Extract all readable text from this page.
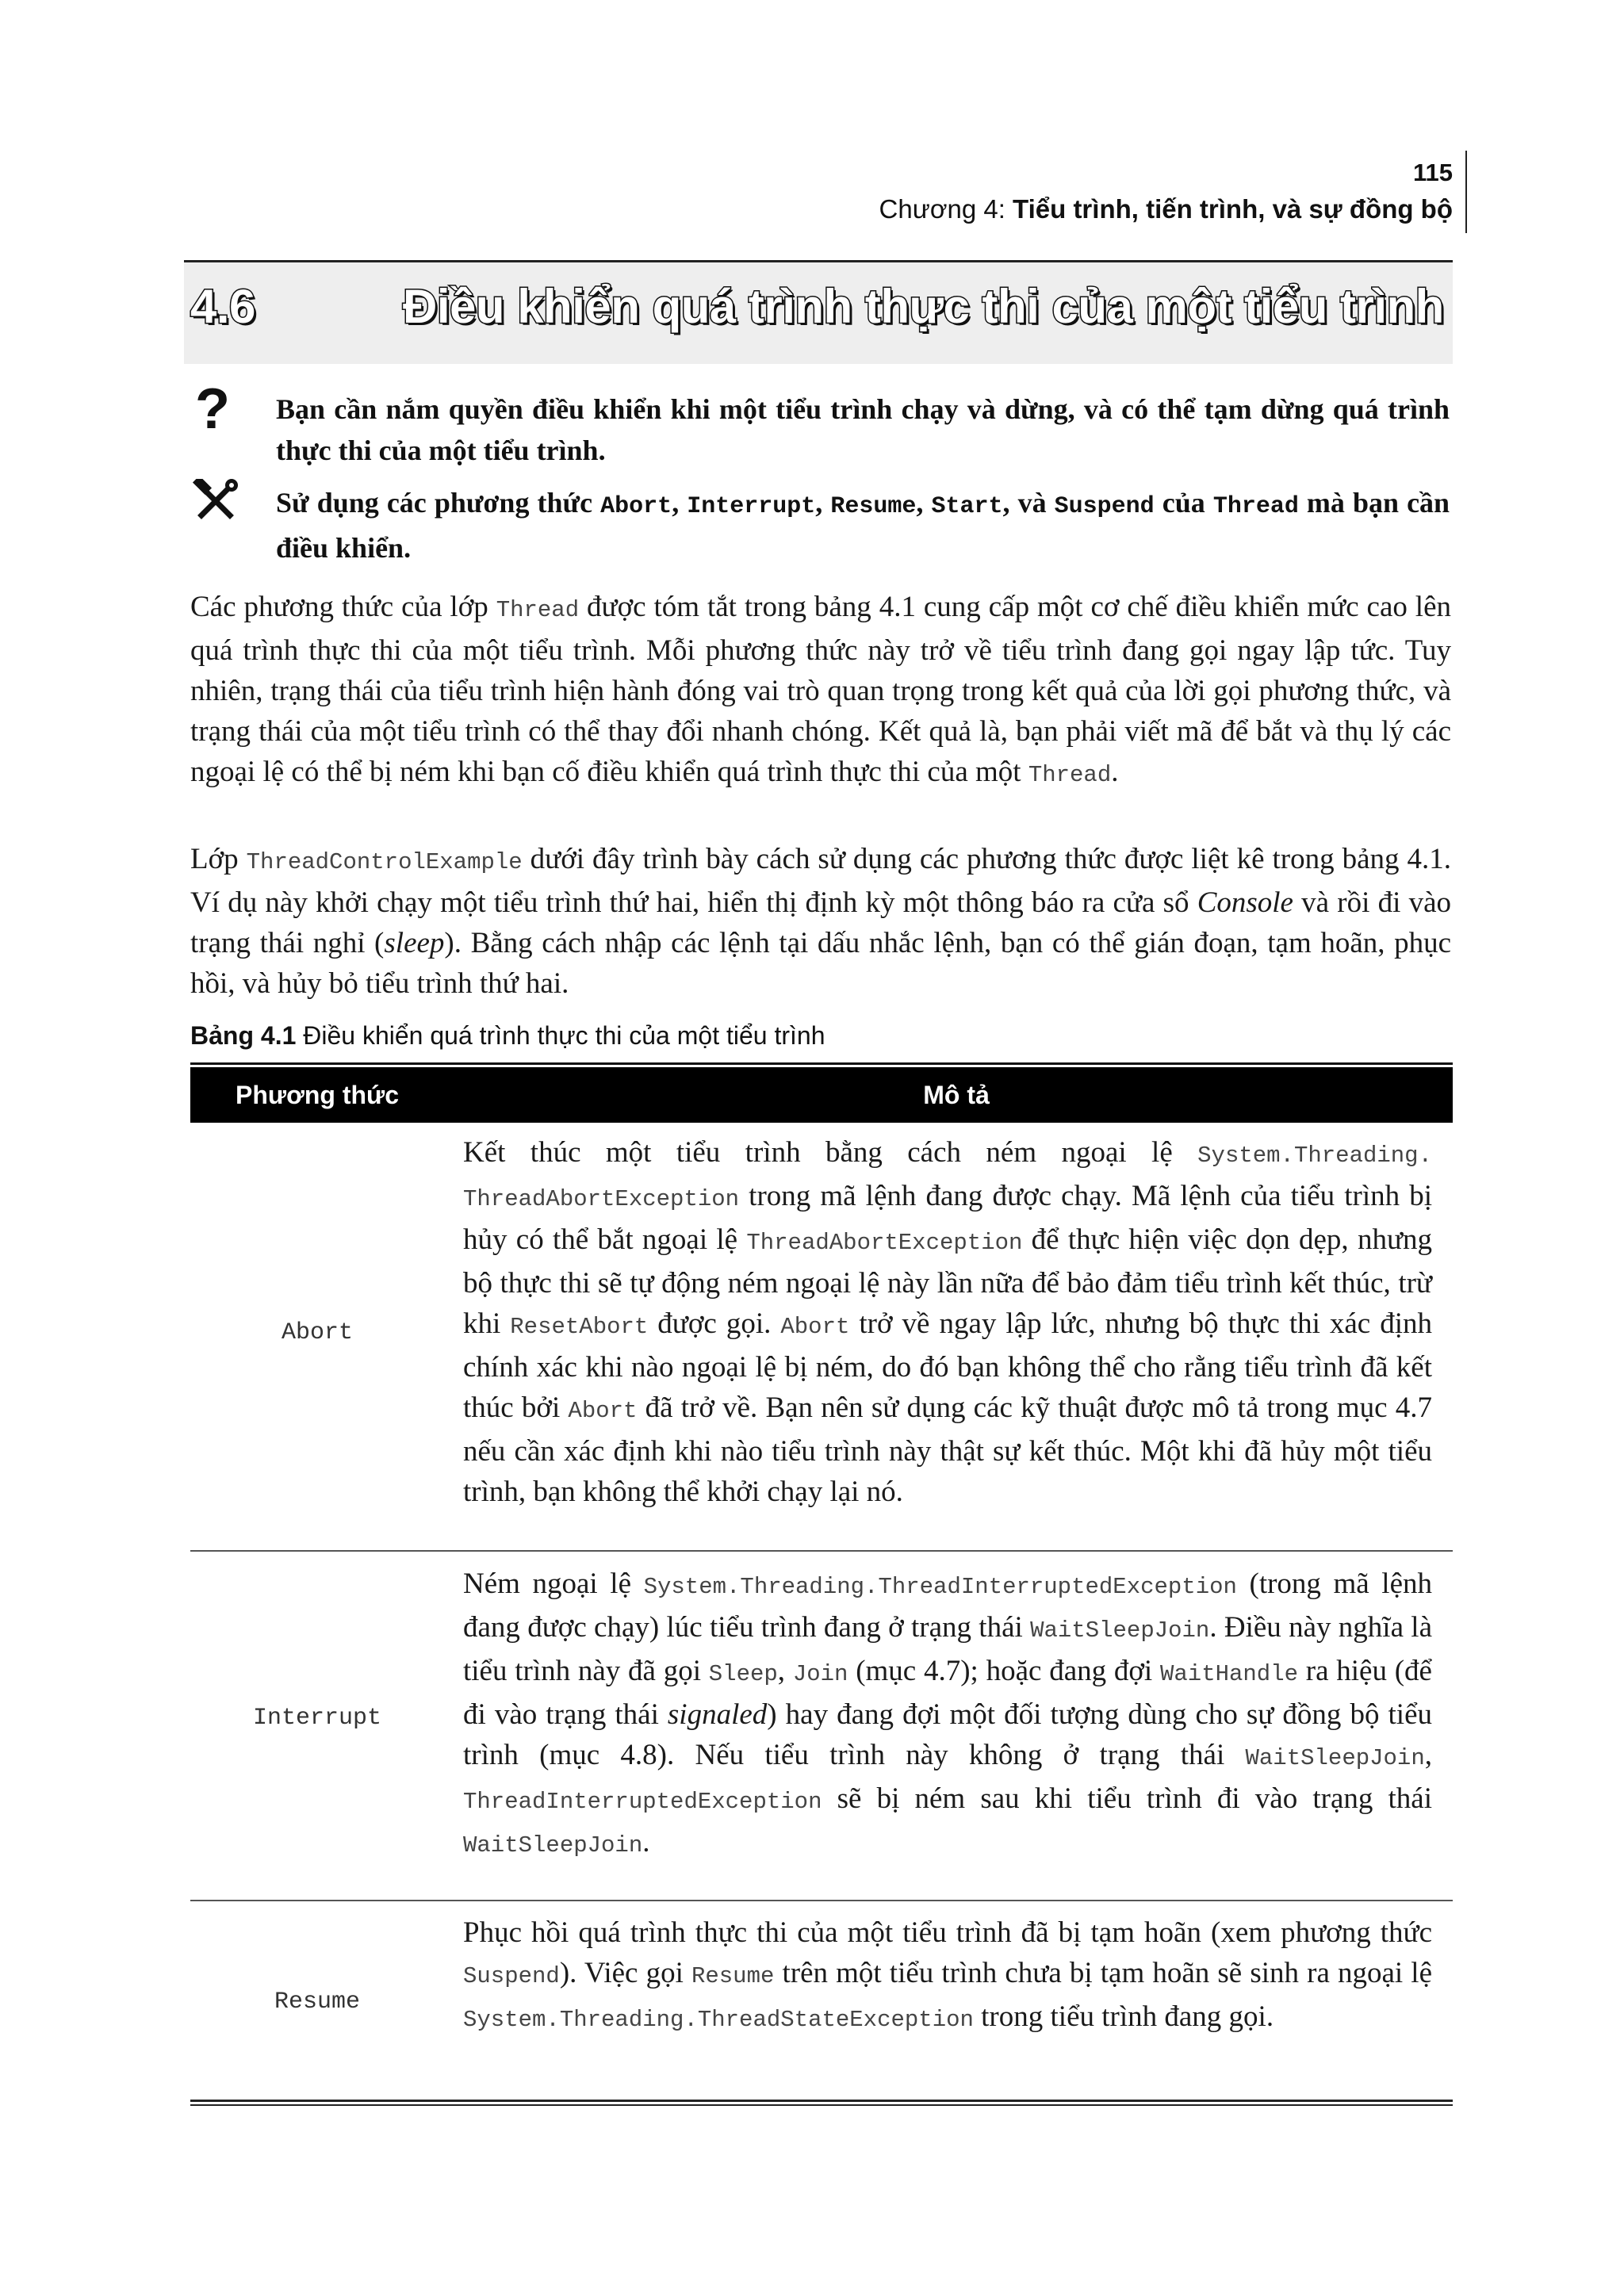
115
Chương 4: Tiểu trình, tiến trình, và sự đồng bộ
4.6	Điều khiển quá trình thực thi của một tiểu trình
? Bạn cần nắm quyền điều khiển khi một tiểu trình chạy và dừng, và có thể tạm dừng quá trình thực thi của một tiểu trình.
Sử dụng các phương thức Abort, Interrupt, Resume, Start, và Suspend của Thread mà bạn cần điều khiển.
Các phương thức của lớp Thread được tóm tắt trong bảng 4.1 cung cấp một cơ chế điều khiển mức cao lên quá trình thực thi của một tiểu trình. Mỗi phương thức này trở về tiểu trình đang gọi ngay lập tức. Tuy nhiên, trạng thái của tiểu trình hiện hành đóng vai trò quan trọng trong kết quả của lời gọi phương thức, và trạng thái của một tiểu trình có thể thay đổi nhanh chóng. Kết quả là, bạn phải viết mã để bắt và thụ lý các ngoại lệ có thể bị ném khi bạn cố điều khiển quá trình thực thi của một Thread.
Lớp ThreadControlExample dưới đây trình bày cách sử dụng các phương thức được liệt kê trong bảng 4.1. Ví dụ này khởi chạy một tiểu trình thứ hai, hiển thị định kỳ một thông báo ra cửa sổ Console và rồi đi vào trạng thái nghỉ (sleep). Bằng cách nhập các lệnh tại dấu nhắc lệnh, bạn có thể gián đoạn, tạm hoãn, phục hồi, và hủy bỏ tiểu trình thứ hai.
Bảng 4.1 Điều khiển quá trình thực thi của một tiểu trình
Phương thức	Mô tả
Abort
Kết thúc một tiểu trình bằng cách ném ngoại lệ System.Threading. ThreadAbortException trong mã lệnh đang được chạy. Mã lệnh của tiểu trình bị hủy có thể bắt ngoại lệ ThreadAbortException để thực hiện việc dọn dẹp, nhưng bộ thực thi sẽ tự động ném ngoại lệ này lần nữa để bảo đảm tiểu trình kết thúc, trừ khi ResetAbort được gọi. Abort trở về ngay lập lức, nhưng bộ thực thi xác định chính xác khi nào ngoại lệ bị ném, do đó bạn không thể cho rằng tiểu trình đã kết thúc bởi Abort đã trở về. Bạn nên sử dụng các kỹ thuật được mô tả trong mục 4.7 nếu cần xác định khi nào tiểu trình này thật sự kết thúc. Một khi đã hủy một tiểu trình, bạn không thể khởi chạy lại nó.
Interrupt
Ném ngoại lệ System.Threading.ThreadInterruptedException (trong mã lệnh đang được chạy) lúc tiểu trình đang ở trạng thái WaitSleepJoin. Điều này nghĩa là tiểu trình này đã gọi Sleep, Join (mục 4.7); hoặc đang đợi WaitHandle ra hiệu (để đi vào trạng thái signaled) hay đang đợi một đối tượng dùng cho sự đồng bộ tiểu trình (mục 4.8). Nếu tiểu trình này không ở trạng thái WaitSleepJoin, ThreadInterruptedException sẽ bị ném sau khi tiểu trình đi vào trạng thái WaitSleepJoin.
Resume
Phục hồi quá trình thực thi của một tiểu trình đã bị tạm hoãn (xem phương thức Suspend). Việc gọi Resume trên một tiểu trình chưa bị tạm hoãn sẽ sinh ra ngoại lệ System.Threading.ThreadStateException trong tiểu trình đang gọi.
